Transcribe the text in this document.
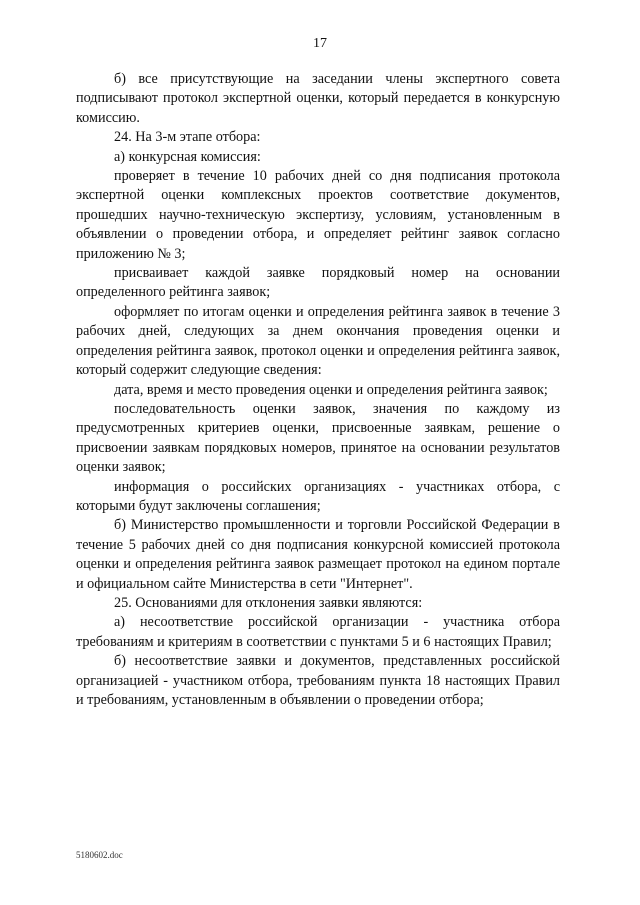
17

б) все присутствующие на заседании члены экспертного совета подписывают протокол экспертной оценки, который передается в конкурсную комиссию.

24. На 3-м этапе отбора:

а) конкурсная комиссия:

проверяет в течение 10 рабочих дней со дня подписания протокола экспертной оценки комплексных проектов соответствие документов, прошедших научно-техническую экспертизу, условиям, установленным в объявлении о проведении отбора, и определяет рейтинг заявок согласно приложению № 3;

присваивает каждой заявке порядковый номер на основании определенного рейтинга заявок;

оформляет по итогам оценки и определения рейтинга заявок в течение 3 рабочих дней, следующих за днем окончания проведения оценки и определения рейтинга заявок, протокол оценки и определения рейтинга заявок, который содержит следующие сведения:

дата, время и место проведения оценки и определения рейтинга заявок;

последовательность оценки заявок, значения по каждому из предусмотренных критериев оценки, присвоенные заявкам, решение о присвоении заявкам порядковых номеров, принятое на основании результатов оценки заявок;

информация о российских организациях - участниках отбора, с которыми будут заключены соглашения;

б) Министерство промышленности и торговли Российской Федерации в течение 5 рабочих дней со дня подписания конкурсной комиссией протокола оценки и определения рейтинга заявок размещает протокол на едином портале и официальном сайте Министерства в сети "Интернет".

25. Основаниями для отклонения заявки являются:

а) несоответствие российской организации - участника отбора требованиям и критериям в соответствии с пунктами 5 и 6 настоящих Правил;

б) несоответствие заявки и документов, представленных российской организацией - участником отбора, требованиям пункта 18 настоящих Правил и требованиям, установленным в объявлении о проведении отбора;

5180602.doc
